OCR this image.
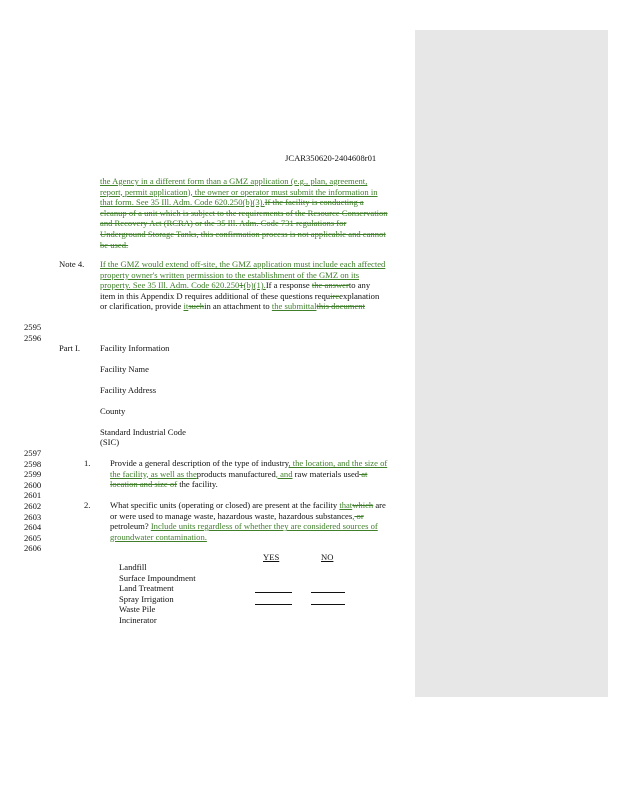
JCAR350620-2404608r01
the Agency in a different form than a GMZ application (e.g., plan, agreement,
report, permit application), the owner or operator must submit the information in
that form. See 35 Ill. Adm. Code 620.250(b)(3).If the facility is conducting a
cleanup of a unit which is subject to the requirements of the Resource Conservation
and Recovery Act (RCRA) or the 35 Ill. Adm. Code 731 regulations for
Underground Storage Tanks, this confirmation process is not applicable and cannot
be used.
Note 4. If the GMZ would extend off-site, the GMZ application must include each affected
property owner's written permission to the establishment of the GMZ on its
property. See 35 Ill. Adm. Code 620.2501(b)(1).If a response the answerto any
item in this Appendix D requires additional of these questions requireexplanation
or clarification, provide itsuchin an attachment to the submittalthis document
2595
2596
Part I. Facility Information
Facility Name
Facility Address
County
Standard Industrial Code
(SIC)
2597
2598
2599
2600
2601
2602
2603
2604
2605
2606
1. Provide a general description of the type of industry, the location, and the size of
the facility, as well as theproducts manufactured, and raw materials used at
location and size of the facility.
2. What specific units (operating or closed) are present at the facility thatwhich are
or were used to manage waste, hazardous waste, hazardous substances, or
petroleum? Include units regardless of whether they are considered sources of
groundwater contamination.
YES	NO
Landfill
Surface Impoundment
Land Treatment
Spray Irrigation
Waste Pile
Incinerator
